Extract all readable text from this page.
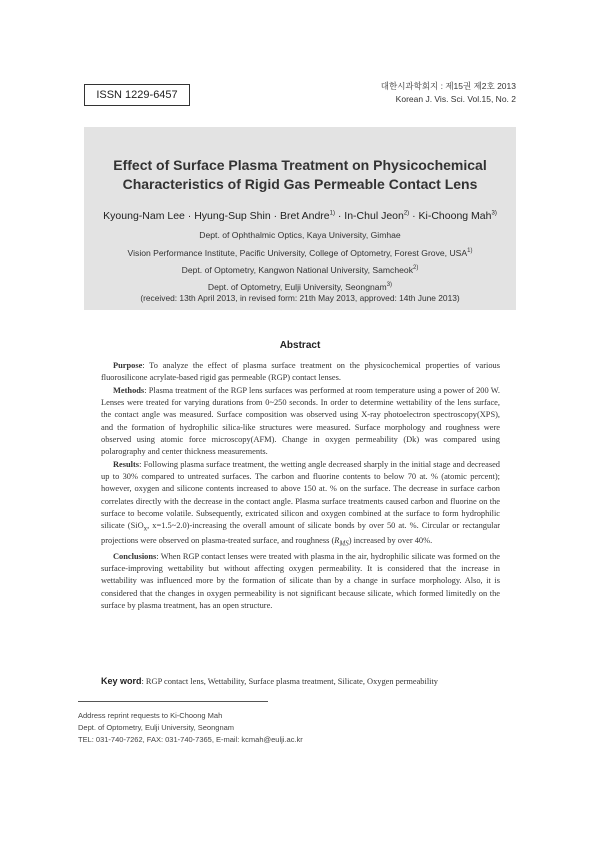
ISSN 1229-6457
대한시과학회지 : 제15권 제2호 2013
Korean J. Vis. Sci. Vol.15, No. 2
Effect of Surface Plasma Treatment on Physicochemical
Characteristics of Rigid Gas Permeable Contact Lens
Kyoung-Nam Lee · Hyung-Sup Shin · Bret Andre$^{1)}$ · In-Chul Jeon$^{2)}$ · Ki-Choong Mah$^{3)}$
Dept. of Ophthalmic Optics, Kaya University, Gimhae
Vision Performance Institute, Pacific University, College of Optometry, Forest Grove, USA$^{1)}$
Dept. of Optometry, Kangwon National University, Samcheok$^{2)}$
Dept. of Optometry, Eulji University, Seongnam$^{3)}$
(received: 13th April 2013, in revised form: 21th May 2013, approved: 14th June 2013)
Abstract

Purpose: To analyze the effect of plasma surface treatment on the physicochemical properties of various fluorosilicone acrylate-based rigid gas permeable (RGP) contact lenses.

Methods: Plasma treatment of the RGP lens surfaces was performed at room temperature using a power of 200 W. Lenses were treated for varying durations from 0~250 seconds. In order to determine wettability of the lens surface, the contact angle was measured. Surface composition was observed using X-ray photoelectron spectroscopy(XPS), and the formation of hydrophilic silica-like structures were measured. Surface morphology and roughness were observed using atomic force microscopy(AFM). Change in oxygen permeability (Dk) was compared using polarography and center thickness measurements.

Results: Following plasma surface treatment, the wetting angle decreased sharply in the initial stage and decreased up to 30% compared to untreated surfaces. The carbon and fluorine contents to below 70 at. % (atomic percent); however, oxygen and silicone contents increased to above 150 at. % on the surface. The decrease in surface carbon correlates directly with the decrease in the contact angle. Plasma surface treatments caused carbon and fluorine on the surface to become volatile. Subsequently, extricated silicon and oxygen combined at the surface to form hydrophilic silicate (SiO$_x$, x=1.5~2.0)-increasing the overall amount of silicate bonds by over 50 at. %. Circular or rectangular projections were observed on plasma-treated surface, and roughness $(R_{MS})$ increased by over 40%.

Conclusions: When RGP contact lenses were treated with plasma in the air, hydrophilic silicate was formed on the surface-improving wettability but without affecting oxygen permeability. It is considered that the increase in wettability was influenced more by the formation of silicate than by a change in surface morphology. Also, it is considered that the changes in oxygen permeability is not significant because silicate, which formed limitedly on the surface by plasma treatment, has an open structure.

Key word: RGP contact lens, Wettability, Surface plasma treatment, Silicate, Oxygen permeability
Address reprint requests to Ki-Choong Mah
Dept. of Optometry, Eulji University, Seongnam
TEL: 031-740-7262, FAX: 031-740-7365, E-mail: kcmah@eulji.ac.kr
